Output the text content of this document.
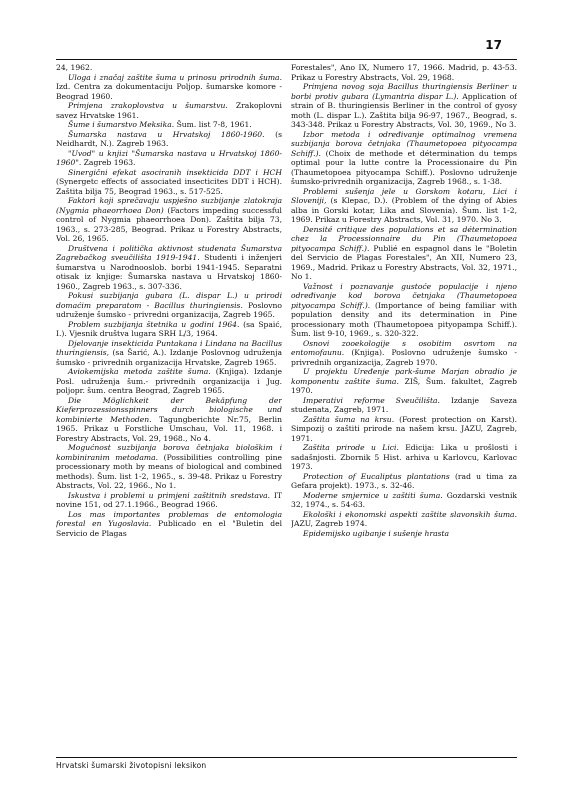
17

24, 1962.

Uloga i značaj zaštite šuma u prinosu prirodnih šuma. Izd. Centra za dokumentaciju Poljop. šumarske komore - Beograd 1960.

Primjena zrakoplovstva u šumarstvu. Zrakoplovni savez Hrvatske 1961.

Šume i šumarstvo Meksika. Šum. list 7-8, 1961.

Šumarska nastava u Hrvatskoj 1860-1960. (s Neidhardt, N.). Zagreb 1963.

"Uvod" u knjizi "Šumarska nastava u Hrvatskoj 1860-1960". Zagreb 1963.

Sinergični efekat asociranih insekticida DDT i HCH (Synergetc effects of associated insecticites DDT i HCH). Zaštita bilja 75, Beograd 1963., s. 517-525.

Faktori koji sprečavaju uspješno suzbijanje zlatokraja (Nygmia phaeorrhoea Don) (Factors impeding successful control of Nygmia phaeorrhoea Don). Zaštita bilja 73, 1963., s. 273-285, Beograd. Prikaz u Forestry Abstracts, Vol. 26, 1965.

Društvena i politička aktivnost studenata Šumarstva Zagrebačkog sveučilišta 1919-1941. Studenti i inženjeri šumarstva u Narodnooslob. borbi 1941-1945. Separatni otisak iz knjige: Šumarska nastava u Hrvatskoj 1860-1960., Zagreb 1963., s. 307-336.

Pokusi suzbijanja gubara (L. dispar L.) u prirodi domaćim preparatom - Bacillus thuringiensis. Poslovno udruženje šumsko - privredni organizacija, Zagreb 1965.

Problem suzbijanja štetnika u godini 1964. (sa Spaić, I.). Vjesnik društva lugara SRH L/3, 1964.

Djelovanje insekticida Puntakana i Lindana na Bacillus thuringiensis, (sa Šarić, A.). Izdanje Poslovnog udruženja šumsko - privrednih organizacija Hrvatske, Zagreb 1965.

Aviokemijska metoda zaštite šuma. (Knjiga). Izdanje Posl. udruženja šum.- privrednih organizacija i Jug. poljopr. šum. centra Beograd, Zagreb 1965.

Die Möglichkeit der Bekäpfung der Kieferprozessionsspinners durch biologische und kombinierte Methoden. Tagungberichte Nr.75, Berlin 1965. Prikaz u Forstliche Umschau, Vol. 11, 1968. i Forestry Abstracts, Vol. 29, 1968., No 4.

Mogućnost suzbijanja borova četnjaka biološkim i kombiniranim metodama. (Possibilities controlling pine processionary moth by means of biological and combined methods). Šum. list 1-2, 1965., s. 39-48. Prikaz u Forestry Abstracts, Vol. 22, 1966., No 1.

Iskustva i problemi u primjeni zaštitnih sredstava. IT novine 151, od 27.1.1966., Beograd 1966.

Los mas importantes problemas de entomologia forestal en Yugoslavia. Publicado en el "Buletin del Servicio de Plagas

Forestales", Ano IX, Numero 17, 1966. Madrid, p. 43-53. Prikaz u Forestry Abstracts, Vol. 29, 1968.

Primjena novog soja Bacillus thuringiensis Berliner u borbi protiv gubara (Lymantria dispar L.). Application of strain of B. thuringiensis Berliner in the control of gyosy moth (L. dispar L.). Zaštita bilja 96-97, 1967., Beograd, s. 343-348. Prikaz u Forestry Abstracts, Vol. 30, 1969., No 3.

Izbor metoda i određivanje optimalnog vremena suzbijanja borova četnjaka (Thaumetopoea pityocampa Schiff.). (Choix de methode et détermination du temps optimal pour la lutte contre la Processionaire du Pin (Thaumetopoea pityocampa Schiff.). Poslovno udruženje šumsko-privrednih organizacija, Zagreb 1968., s. 1-38.

Problemi sušenja jele u Gorskom kotaru, Lici i Sloveniji, (s Klepac, D.). (Problem of the dying of Abies alba in Gorski kotar, Lika and Slovenia). Šum. list 1-2, 1969. Prikaz u Forestry Abstracts, Vol. 31, 1970. No 3.

Densité critique des populations et sa détermination chez la Processionnaire du Pin (Thaumetopoea pityocampa Schiff.). Publié en espagnol dans le "Boletin del Servicio de Plagas Forestales", An XII, Numero 23, 1969., Madrid. Prikaz u Forestry Abstracts, Vol. 32, 1971., No 1.

Važnost i poznavanje gustoće populacije i njeno određivanje kod borova četnjaka (Thaumetopoea pityocampa Schiff.). (Importance of being familiar with population density and its determination in Pine processionary moth (Thaumetopoea pityopampa Schiff.). Šum. list 9-10, 1969., s. 320-322.

Osnovi zooekologije s osobitim osvrtom na entomofaunu. (Knjiga). Poslovno udruženje šumsko - privrednih organizacija, Zagreb 1970.

U projektu Uređenje park-šume Marjan obradio je komponentu zaštite šuma. ZIŠ, Šum. fakultet, Zagreb 1970.

Imperativi reforme Sveučilišta. Izdanje Saveza studenata, Zagreb, 1971.

Zaštita šuma na krsu. (Forest protection on Karst). Simpozij o zaštiti prirode na našem krsu. JAZU, Zagreb, 1971.

Zaštita prirode u Lici. Edicija: Lika u prošlosti i sadašnjosti. Zbornik 5 Hist. arhiva u Karlovcu, Karlovac 1973.

Protection of Eucaliptus plantations (rad u tima za Gefara projekt). 1973., s. 32-46.

Moderne smjernice u zaštiti šuma. Gozdarski vestnik 32, 1974., s. 54-63.

Ekološki i ekonomski aspekti zaštite slavonskih šuma. JAZU, Zagreb 1974.

Epidemijsko ugibanje i sušenje hrasta

Hrvatski šumarski životopisni leksikon
